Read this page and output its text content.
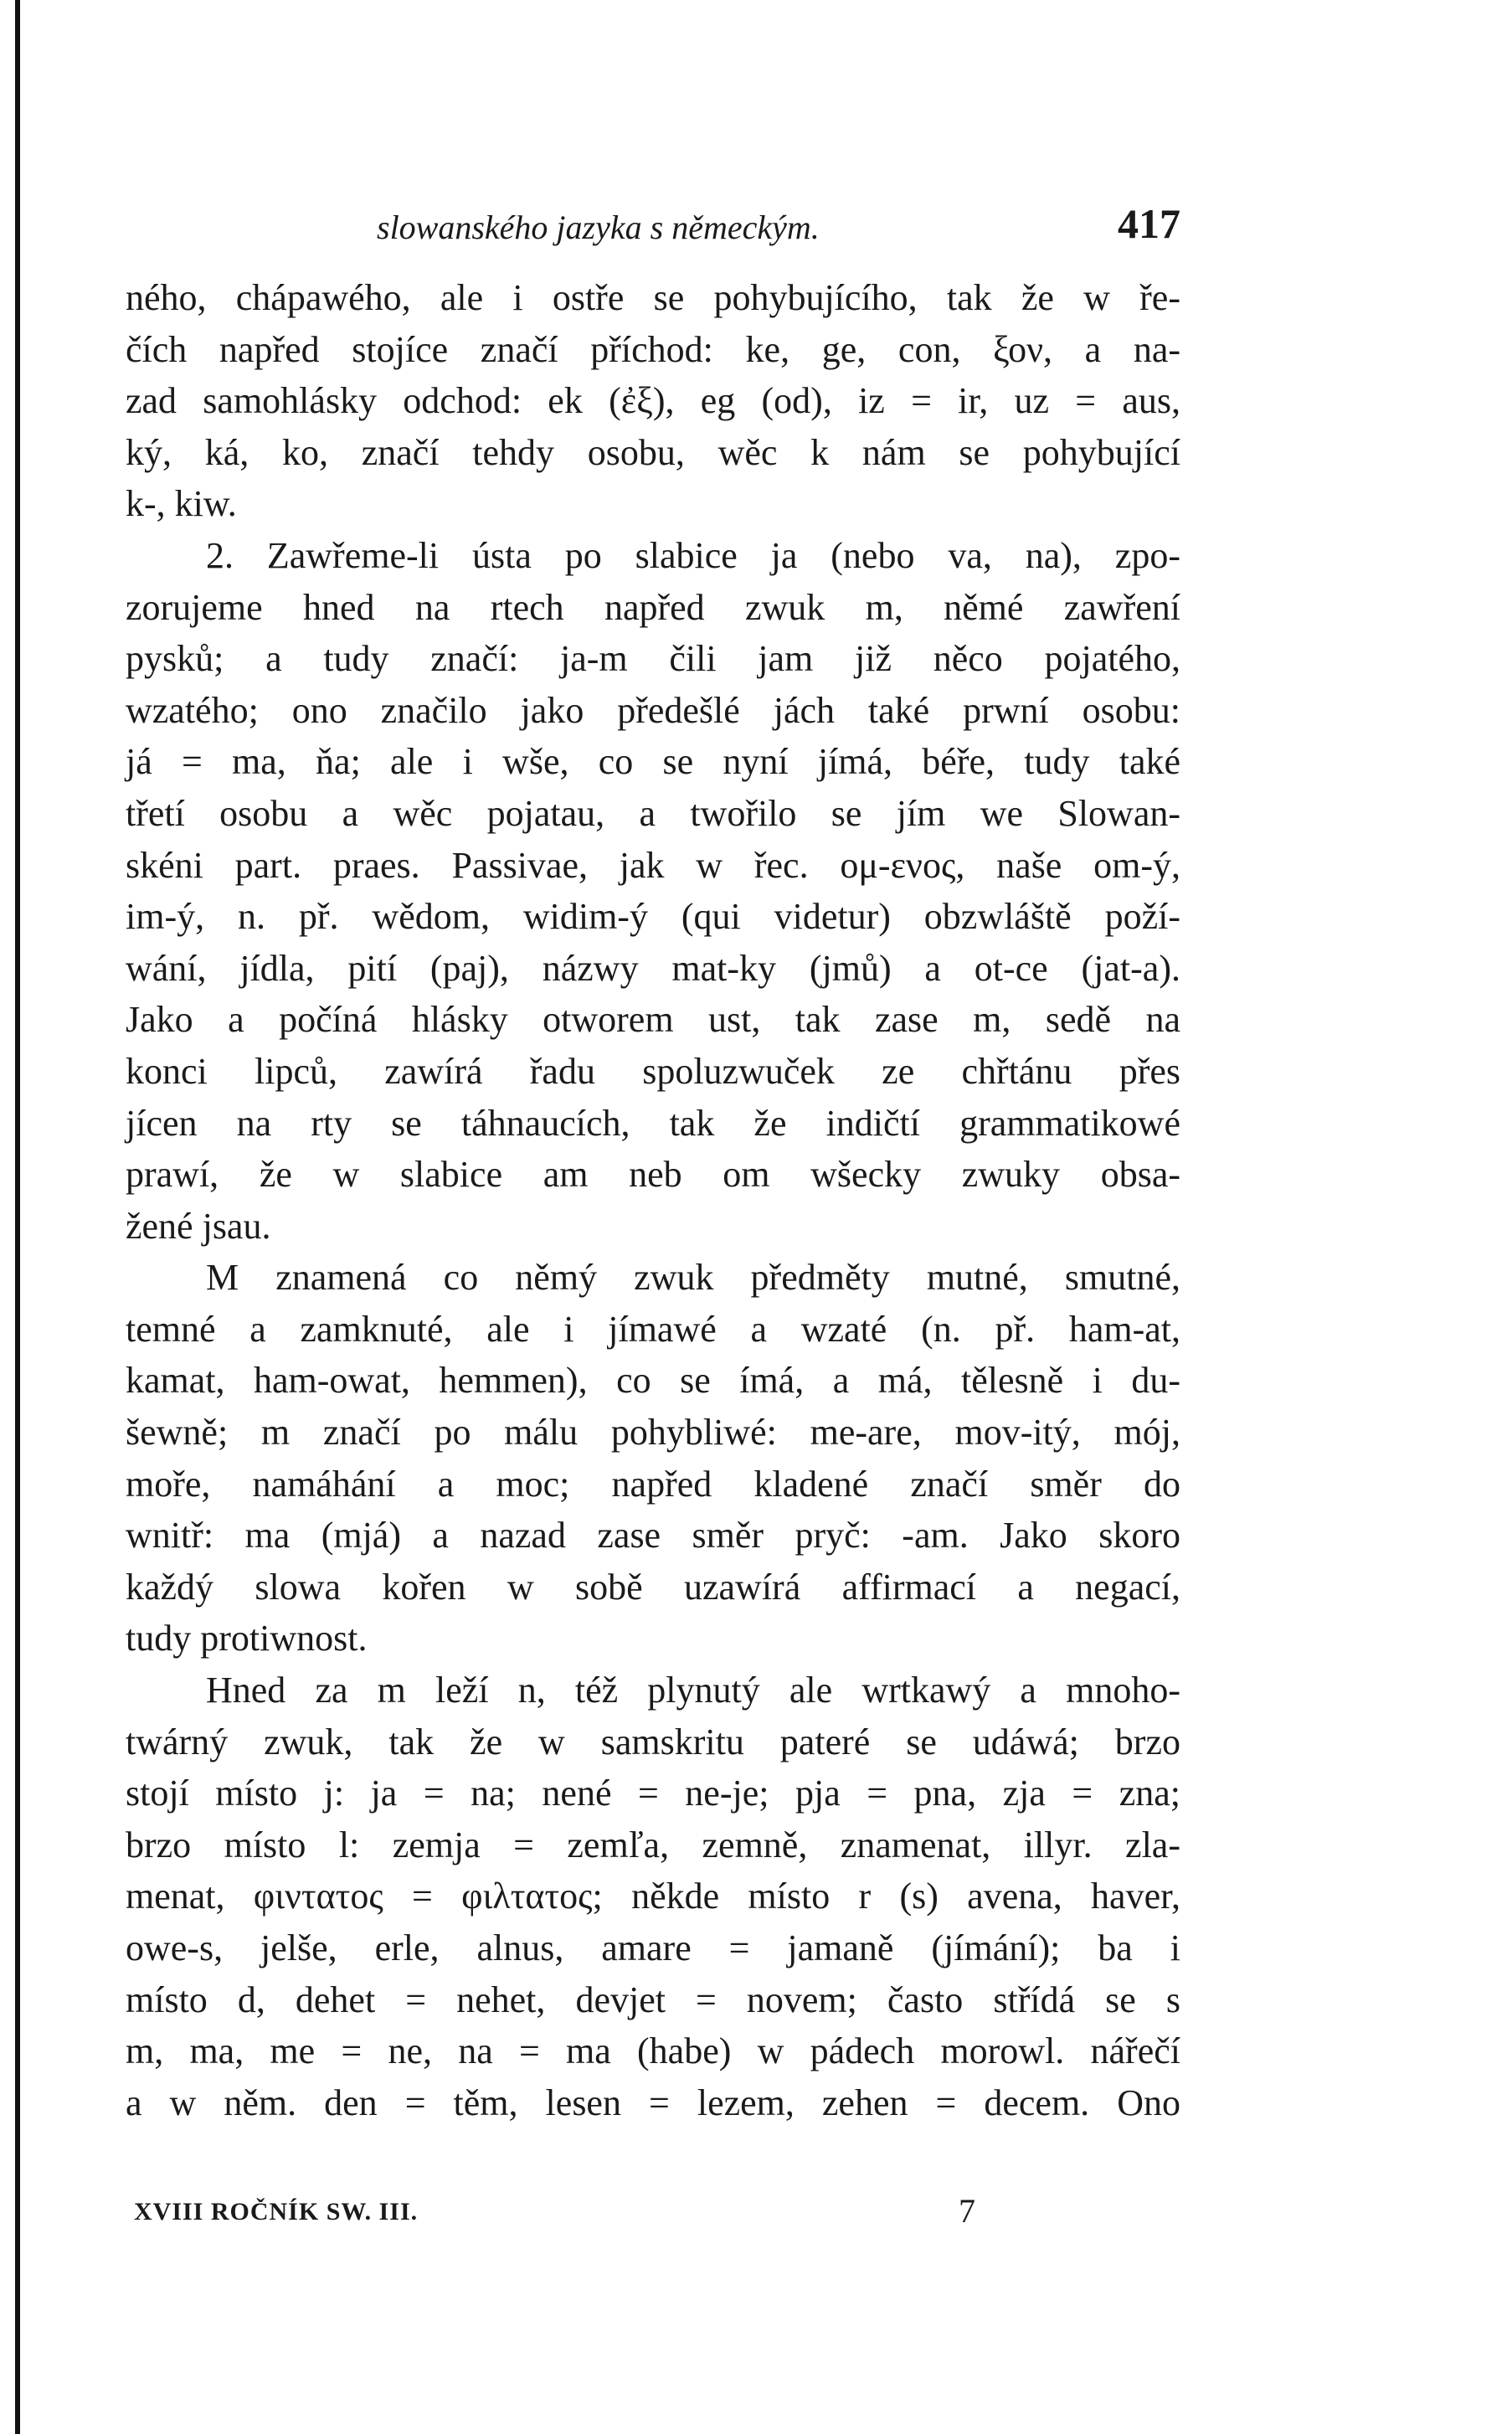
slowanského jazyka s německým.	417

ného, chápawého, ale i ostře se pohybujícího, tak že w ře-

čích napřed stojíce značí příchod: ke, ge, con, ξον, a na-

zad samohlásky odchod: ek (ἐξ), eg (od), iz = ir, uz = aus,

ký, ká, ko, značí tehdy osobu, wěc k nám se pohybující

k-, kiw.

2. Zawřeme-li ústa po slabice ja (nebo va, na), zpo-

zorujeme hned na rtech napřed zwuk m, němé zawření

pysků; a tudy značí: ja-m čili jam již něco pojatého,

wzatého; ono značilo jako předešlé jách také prwní osobu:

já = ma, ňa; ale i wše, co se nyní jímá, béře, tudy také

třetí osobu a wěc pojatau, a twořilo se jím we Slowan-

skéni part. praes. Passivae, jak w řec. ομ-ενος, naše om-ý,

im-ý, n. př. wědom, widim-ý (qui videtur) obzwláště poží-

wání, jídla, pití (paj), názwy mat-ky (jmů) a ot-ce (jat-a).

Jako a počíná hlásky otworem ust, tak zase m, sedě na

konci lipců, zawírá řadu spoluzwuček ze chřtánu přes

jícen na rty se táhnaucích, tak že indičtí grammatikowé

prawí, že w slabice am neb om wšecky zwuky obsa-

žené jsau.

M znamená co němý zwuk předměty mutné, smutné,

temné a zamknuté, ale i jímawé a wzaté (n. př. ham-at,

kamat, ham-owat, hemmen), co se ímá, a má, tělesně i du-

šewně; m značí po málu pohybliwé: me-are, mov-itý, mój,

moře, namáhání a moc; napřed kladené značí směr do

wnitř: ma (mjá) a nazad zase směr pryč: -am. Jako skoro

každý slowa kořen w sobě uzawírá affirmací a negací,

tudy protiwnost.

Hned za m leží n, též plynutý ale wrtkawý a mnoho-

twárný zwuk, tak že w samskritu pateré se udáwá; brzo

stojí místo j: ja = na; nené = ne-je; pja = pna, zja = zna;

brzo místo l: zemja = zemľa, zemně, znamenat, illyr. zla-

menat, φιντατος = φιλτατος; někde místo r (s) avena, haver,

owe-s, jelše, erle, alnus, amare = jamaně (jímání); ba i

místo d, dehet = nehet, devjet = novem; často střídá se s

m, ma, me = ne, na = ma (habe) w pádech morowl. nářečí

a w něm. den = těm, lesen = lezem, zehen = decem. Ono

XVIII ROČNÍK SW. III.	7
